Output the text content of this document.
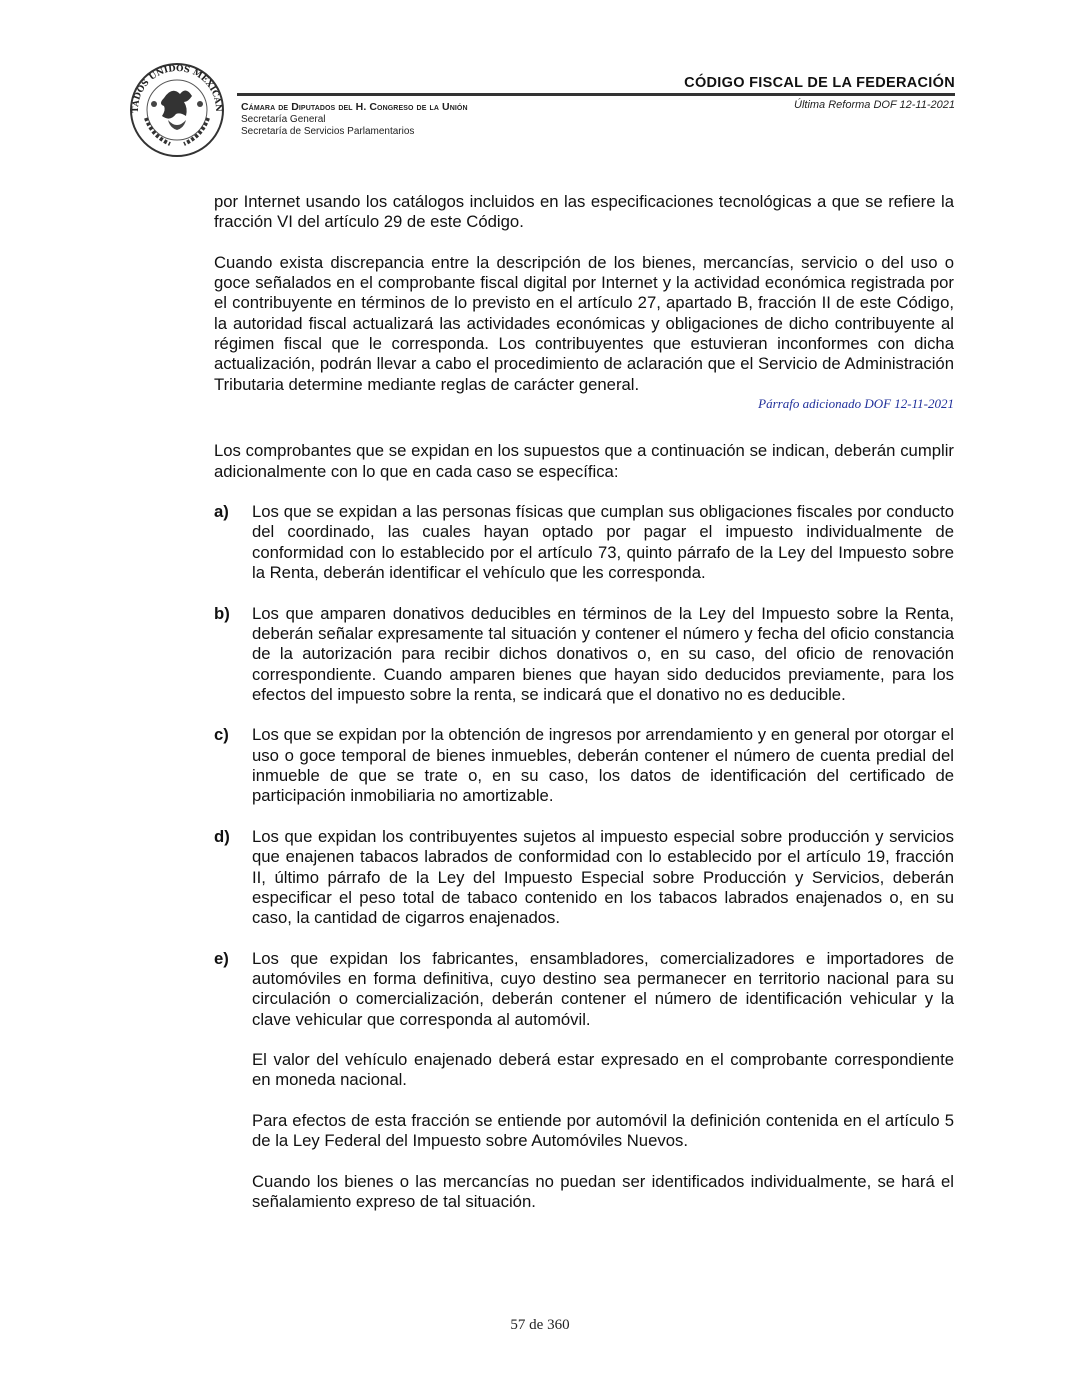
TADOS UNIDOS MEXICAN Cámara de Diputados del H. Congreso de la Unión
Secretaría General
Secretaría de Servicios Parlamentarios
CÓDIGO FISCAL DE LA FEDERACIÓN
Última Reforma DOF 12-11-2021

por Internet usando los catálogos incluidos en las especificaciones tecnológicas a que se refiere la fracción VI del artículo 29 de este Código.

Cuando exista discrepancia entre la descripción de los bienes, mercancías, servicio o del uso o goce señalados en el comprobante fiscal digital por Internet y la actividad económica registrada por el contribuyente en términos de lo previsto en el artículo 27, apartado B, fracción II de este Código, la autoridad fiscal actualizará las actividades económicas y obligaciones de dicho contribuyente al régimen fiscal que le corresponda. Los contribuyentes que estuvieran inconformes con dicha actualización, podrán llevar a cabo el procedimiento de aclaración que el Servicio de Administración Tributaria determine mediante reglas de carácter general.

Párrafo adicionado DOF 12-11-2021

Los comprobantes que se expidan en los supuestos que a continuación se indican, deberán cumplir adicionalmente con lo que en cada caso se específica:

a)	Los que se expidan a las personas físicas que cumplan sus obligaciones fiscales por conducto del coordinado, las cuales hayan optado por pagar el impuesto individualmente de conformidad con lo establecido por el artículo 73, quinto párrafo de la Ley del Impuesto sobre la Renta, deberán identificar el vehículo que les corresponda.
b)	Los que amparen donativos deducibles en términos de la Ley del Impuesto sobre la Renta, deberán señalar expresamente tal situación y contener el número y fecha del oficio constancia de la autorización para recibir dichos donativos o, en su caso, del oficio de renovación correspondiente. Cuando amparen bienes que hayan sido deducidos previamente, para los efectos del impuesto sobre la renta, se indicará que el donativo no es deducible.
c)	Los que se expidan por la obtención de ingresos por arrendamiento y en general por otorgar el uso o goce temporal de bienes inmuebles, deberán contener el número de cuenta predial del inmueble de que se trate o, en su caso, los datos de identificación del certificado de participación inmobiliaria no amortizable.
d)	Los que expidan los contribuyentes sujetos al impuesto especial sobre producción y servicios que enajenen tabacos labrados de conformidad con lo establecido por el artículo 19, fracción II, último párrafo de la Ley del Impuesto Especial sobre Producción y Servicios, deberán especificar el peso total de tabaco contenido en los tabacos labrados enajenados o, en su caso, la cantidad de cigarros enajenados.
e)	Los que expidan los fabricantes, ensambladores, comercializadores e importadores de automóviles en forma definitiva, cuyo destino sea permanecer en territorio nacional para su circulación o comercialización, deberán contener el número de identificación vehicular y la clave vehicular que corresponda al automóvil.

El valor del vehículo enajenado deberá estar expresado en el comprobante correspondiente en moneda nacional.

Para efectos de esta fracción se entiende por automóvil la definición contenida en el artículo 5 de la Ley Federal del Impuesto sobre Automóviles Nuevos.

Cuando los bienes o las mercancías no puedan ser identificados individualmente, se hará el señalamiento expreso de tal situación.

57 de 360
